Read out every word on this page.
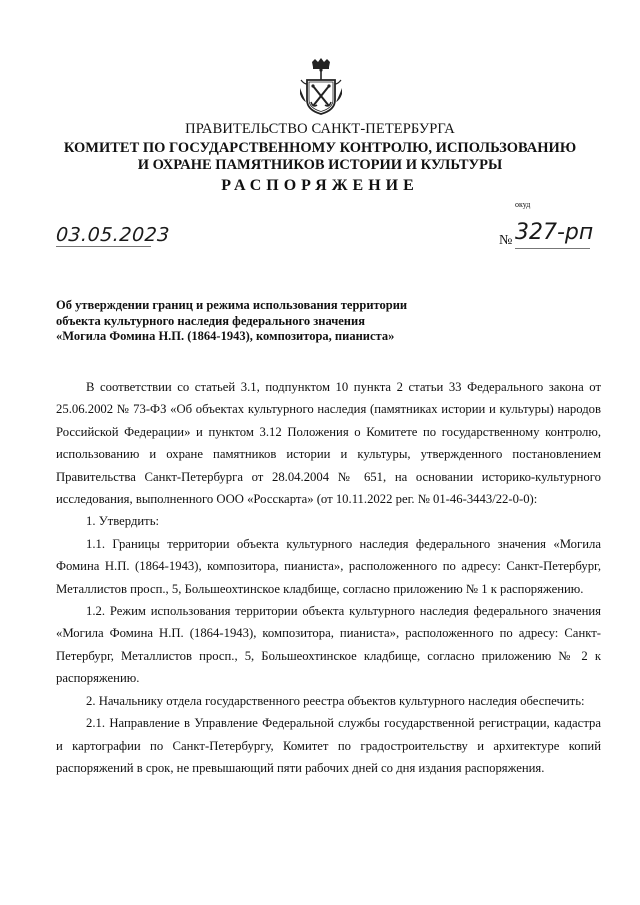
ПРАВИТЕЛЬСТВО САНКТ-ПЕТЕРБУРГА
КОМИТЕТ ПО ГОСУДАРСТВЕННОМУ КОНТРОЛЮ, ИСПОЛЬЗОВАНИЮ
И ОХРАНЕ ПАМЯТНИКОВ ИСТОРИИ И КУЛЬТУРЫ
РАСПОРЯЖЕНИЕ
окуд
03.05.2023	№ 327-рп
Об утверждении границ и режима использования территории
объекта культурного наследия федерального значения
«Могила Фомина Н.П. (1864-1943), композитора, пианиста»

В соответствии со статьей 3.1, подпунктом 10 пункта 2 статьи 33 Федерального закона от 25.06.2002 № 73-ФЗ «Об объектах культурного наследия (памятниках истории и культуры) народов Российской Федерации» и пунктом 3.12 Положения о Комитете по государственному контролю, использованию и охране памятников истории и культуры, утвержденного постановлением Правительства Санкт-Петербурга от 28.04.2004 № 651, на основании историко-культурного исследования, выполненного ООО «Росскарта» (от 10.11.2022 рег. № 01-46-3443/22-0-0):

1. Утвердить:

1.1. Границы территории объекта культурного наследия федерального значения «Могила Фомина Н.П. (1864-1943), композитора, пианиста», расположенного по адресу: Санкт-Петербург, Металлистов просп., 5, Большеохтинское кладбище, согласно приложению № 1 к распоряжению.

1.2. Режим использования территории объекта культурного наследия федерального значения «Могила Фомина Н.П. (1864-1943), композитора, пианиста», расположенного по адресу: Санкт-Петербург, Металлистов просп., 5, Большеохтинское кладбище, согласно приложению № 2 к распоряжению.

2. Начальнику отдела государственного реестра объектов культурного наследия обеспечить:

2.1. Направление в Управление Федеральной службы государственной регистрации, кадастра и картографии по Санкт-Петербургу, Комитет по градостроительству и архитектуре копий распоряжений в срок, не превышающий пяти рабочих дней со дня издания распоряжения.
